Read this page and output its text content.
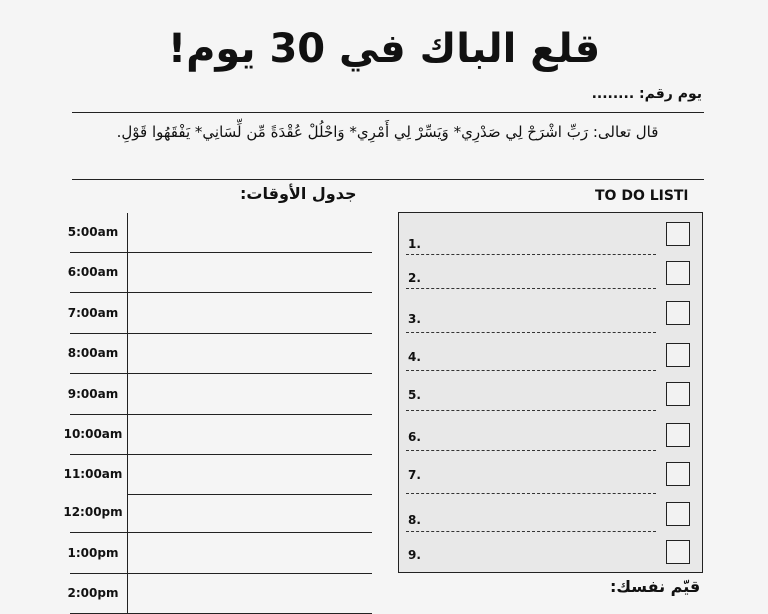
قلع الباك في 30 يوم!
يوم رقم: ........
قال تعالى: رَبِّ اشْرَحْ لِي صَدْرِي* وَيَسِّرْ لِي أَمْرِي* وَاحْلُلْ عُقْدَةً مِّن لِّسَانِي* يَفْقَهُوا قَوْلِ.
جدول الأوقات:	TO DO LISTا
5:00am
6:00am
7:00am
8:00am
9:00am
10:00am
11:00am
12:00pm
1:00pm
2:00pm
1.
2.
3.
4.
5.
6.
7.
8.
9.
قيّم نفسك:
